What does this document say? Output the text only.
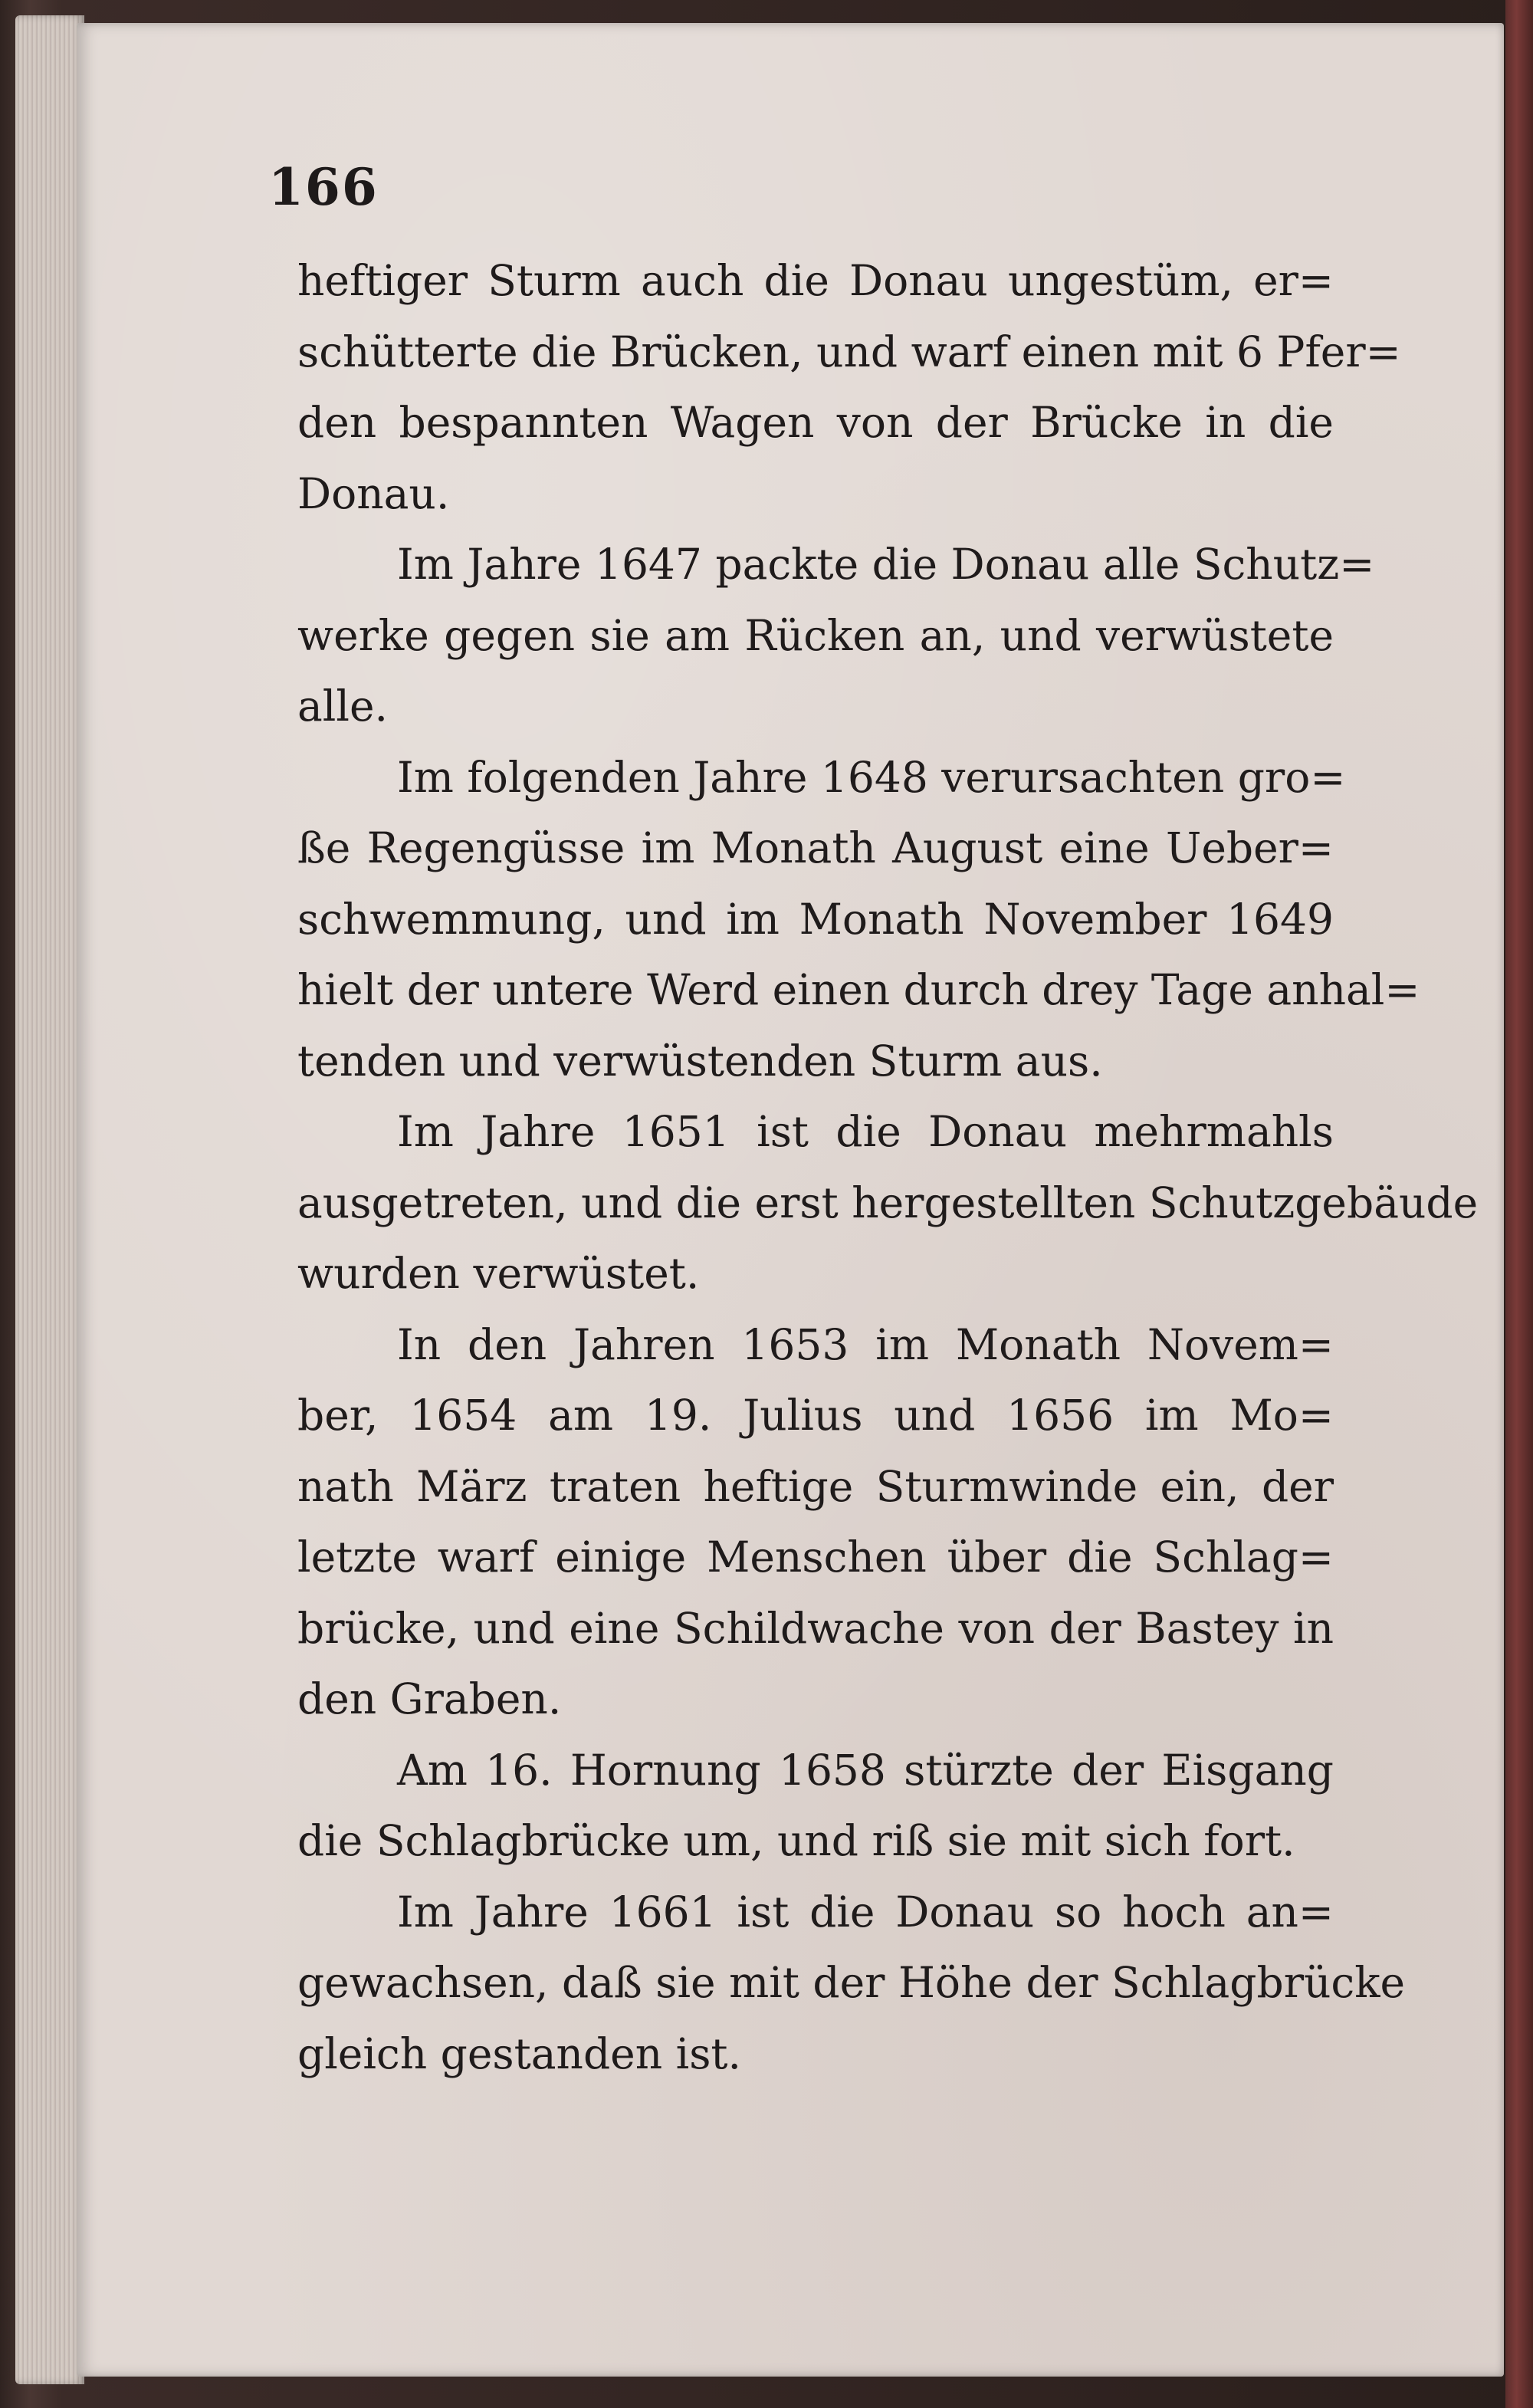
166
heftiger Sturm auch die Donau ungestüm, er=
schütterte die Brücken, und warf einen mit 6 Pfer=
den bespannten Wagen von der Brücke in die
Donau.
Im Jahre 1647 packte die Donau alle Schutz=
werke gegen sie am Rücken an, und verwüstete
alle.
Im folgenden Jahre 1648 verursachten gro=
ße Regengüsse im Monath August eine Ueber=
schwemmung, und im Monath November 1649
hielt der untere Werd einen durch drey Tage anhal=
tenden und verwüstenden Sturm aus.
Im Jahre 1651 ist die Donau mehrmahls
ausgetreten, und die erst hergestellten Schutzgebäude
wurden verwüstet.
In den Jahren 1653 im Monath Novem=
ber, 1654 am 19. Julius und 1656 im Mo=
nath März traten heftige Sturmwinde ein, der
letzte warf einige Menschen über die Schlag=
brücke, und eine Schildwache von der Bastey in
den Graben.
Am 16. Hornung 1658 stürzte der Eisgang
die Schlagbrücke um, und riß sie mit sich fort.
Im Jahre 1661 ist die Donau so hoch an=
gewachsen, daß sie mit der Höhe der Schlagbrücke
gleich gestanden ist.
